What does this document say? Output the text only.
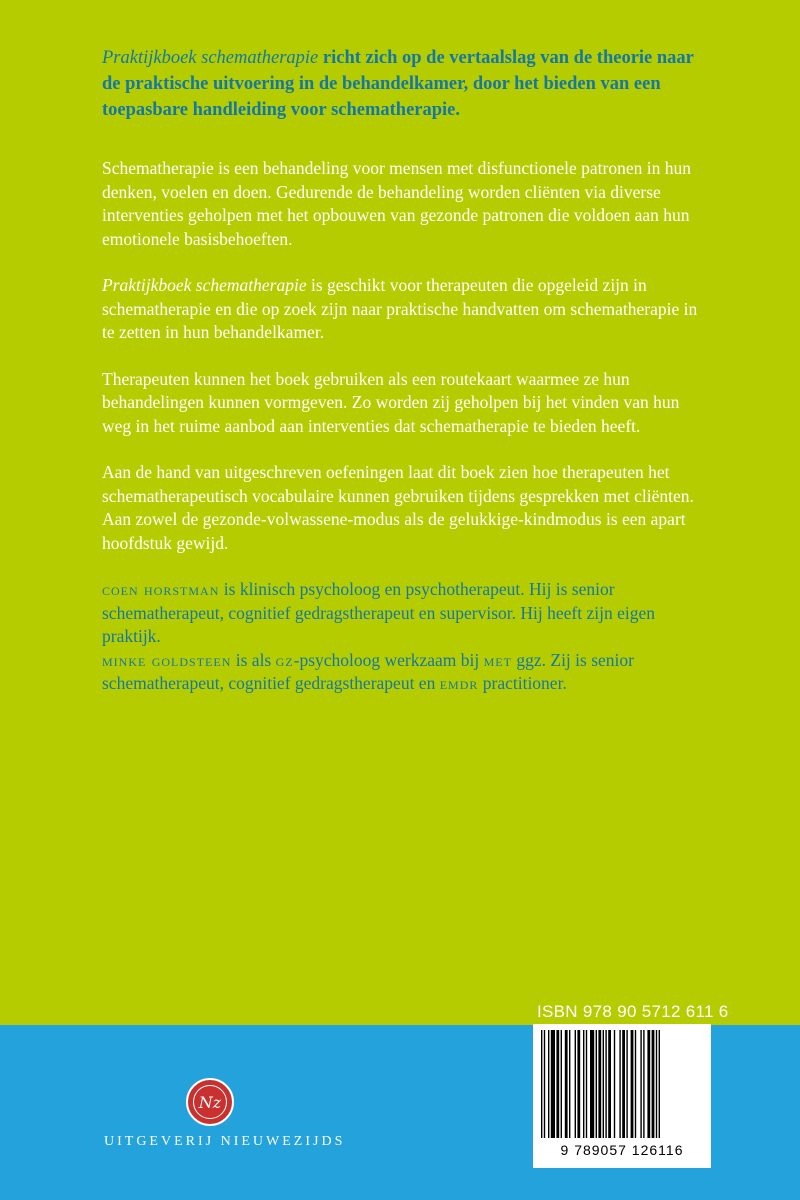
Praktijkboek schematherapie richt zich op de vertaalslag van de theorie naar de praktische uitvoering in de behandelkamer, door het bieden van een toepasbare handleiding voor schematherapie.

Schematherapie is een behandeling voor mensen met disfunctionele patronen in hun denken, voelen en doen. Gedurende de behandeling worden cliënten via diverse interventies geholpen met het opbouwen van gezonde patronen die voldoen aan hun emotionele basisbehoeften.

Praktijkboek schematherapie is geschikt voor therapeuten die opgeleid zijn in schematherapie en die op zoek zijn naar praktische handvatten om schematherapie in te zetten in hun behandelkamer.

Therapeuten kunnen het boek gebruiken als een routekaart waarmee ze hun behandelingen kunnen vormgeven. Zo worden zij geholpen bij het vinden van hun weg in het ruime aanbod aan interventies dat schematherapie te bieden heeft.

Aan de hand van uitgeschreven oefeningen laat dit boek zien hoe therapeuten het schematherapeutisch vocabulaire kunnen gebruiken tijdens gesprekken met cliënten. Aan zowel de gezonde-volwassene-modus als de gelukkige-kindmodus is een apart hoofdstuk gewijd.

coen horstman is klinisch psycholoog en psychotherapeut. Hij is senior schematherapeut, cognitief gedragstherapeut en supervisor. Hij heeft zijn eigen praktijk.

minke goldsteen is als gz-psycholoog werkzaam bij met ggz. Zij is senior schematherapeut, cognitief gedragstherapeut en emdr practitioner.

ISBN 978 90 5712 611 6
9 789057 126116
Nz
UITGEVERIJ NIEUWEZIJDS
